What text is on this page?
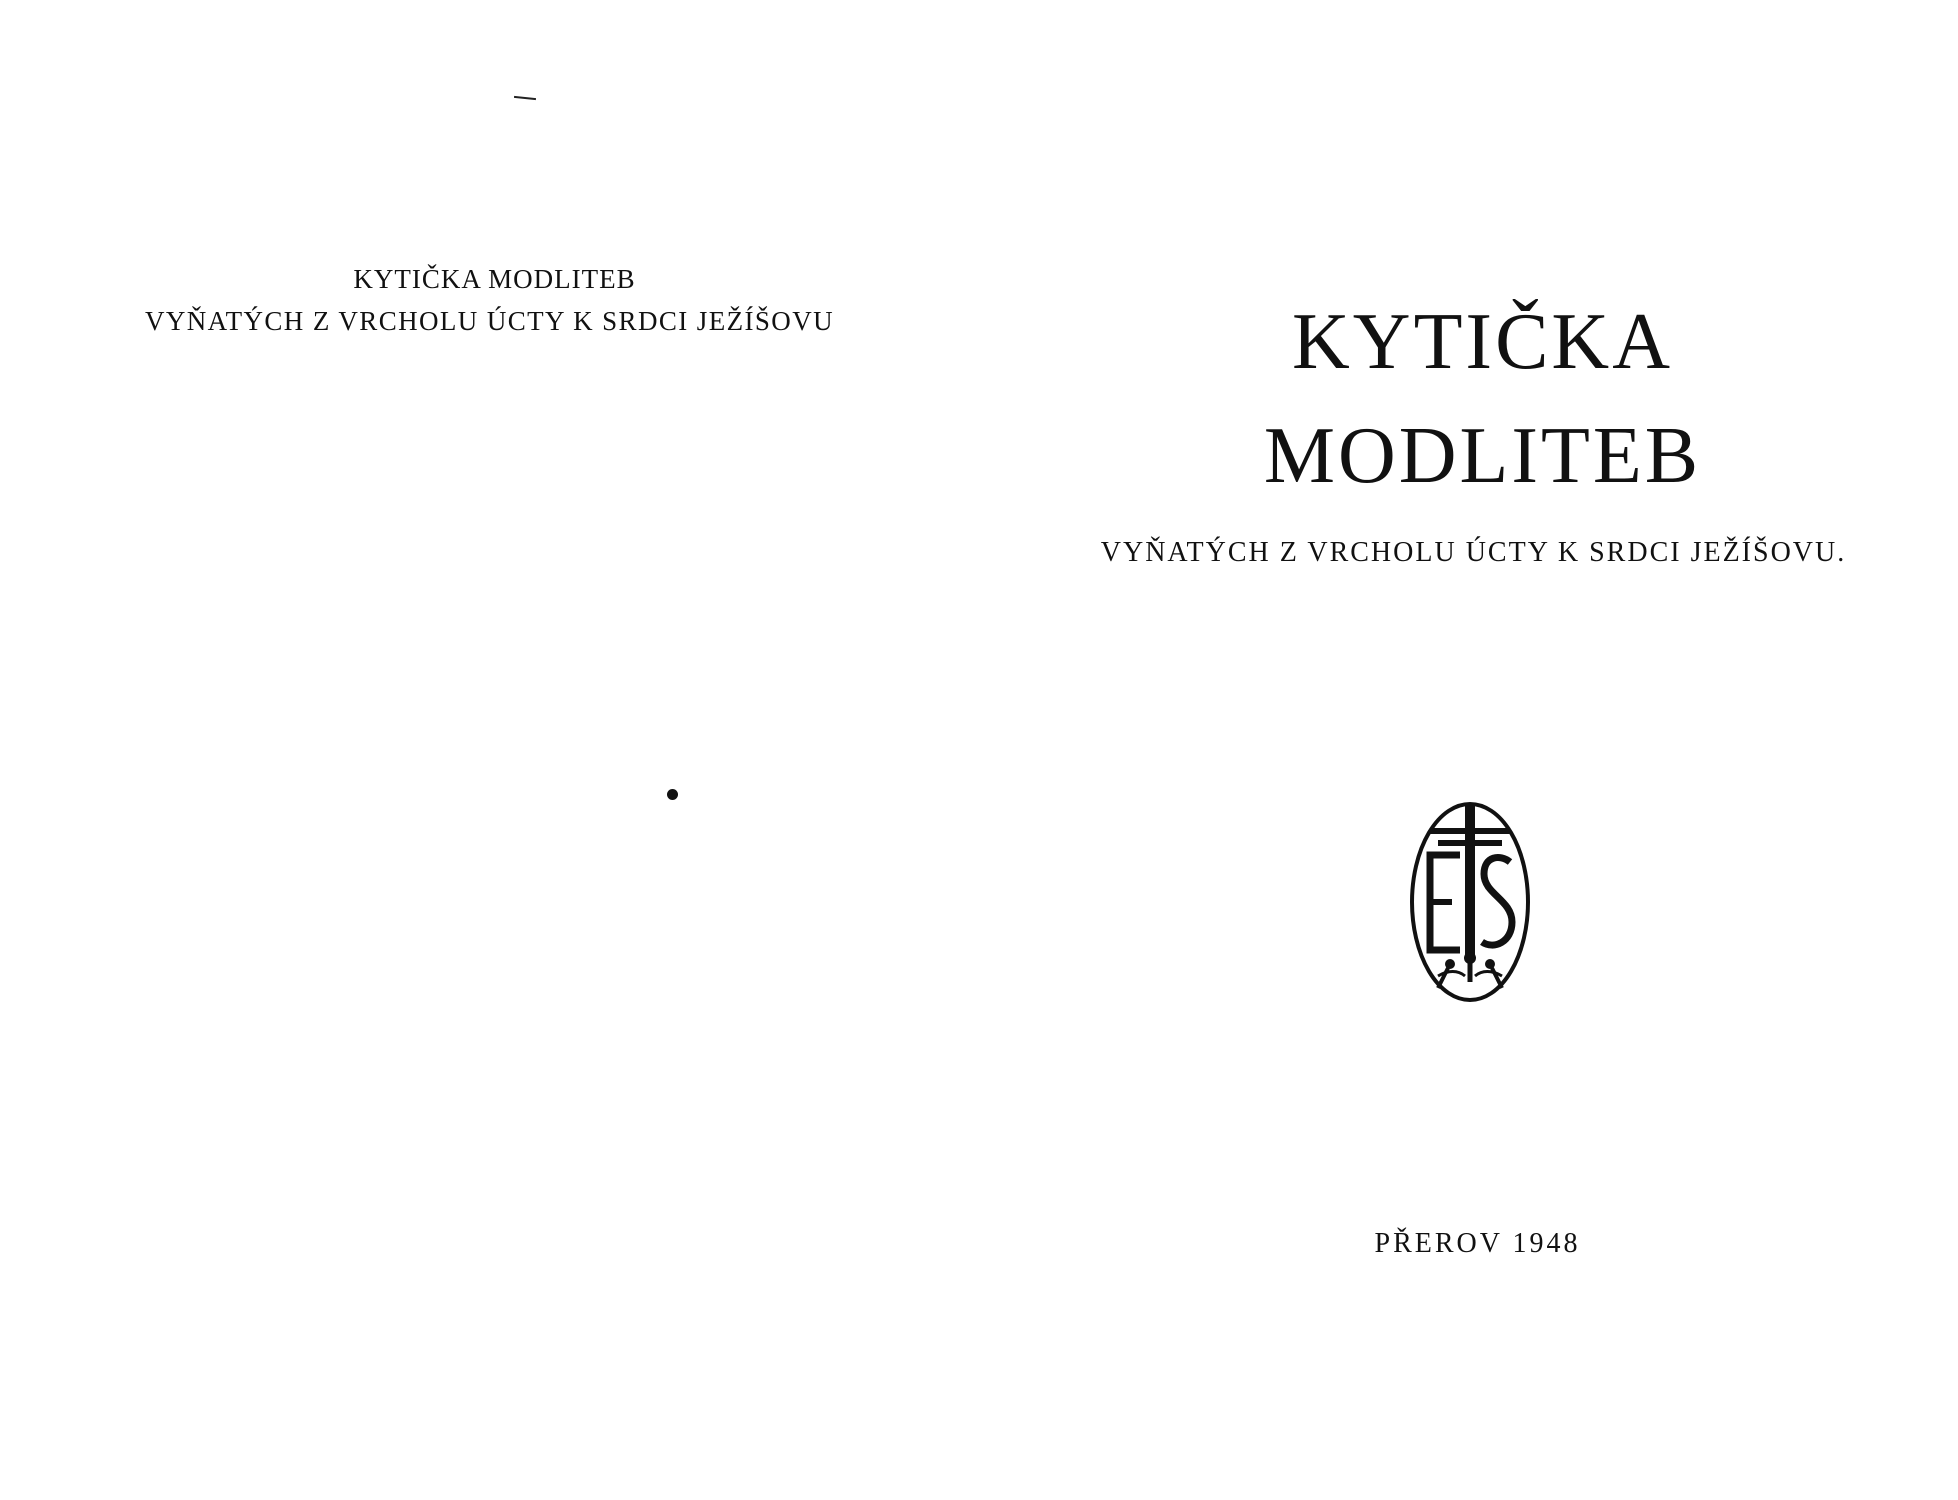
KYTIČKA MODLITEB
VYŇATÝCH Z VRCHOLU ÚCTY K SRDCI JEŽÍŠOVU	KYTIČKA
MODLITEB
VYŇATÝCH Z VRCHOLU ÚCTY K SRDCI JEŽÍŠOVU.
PŘEROV 1948
